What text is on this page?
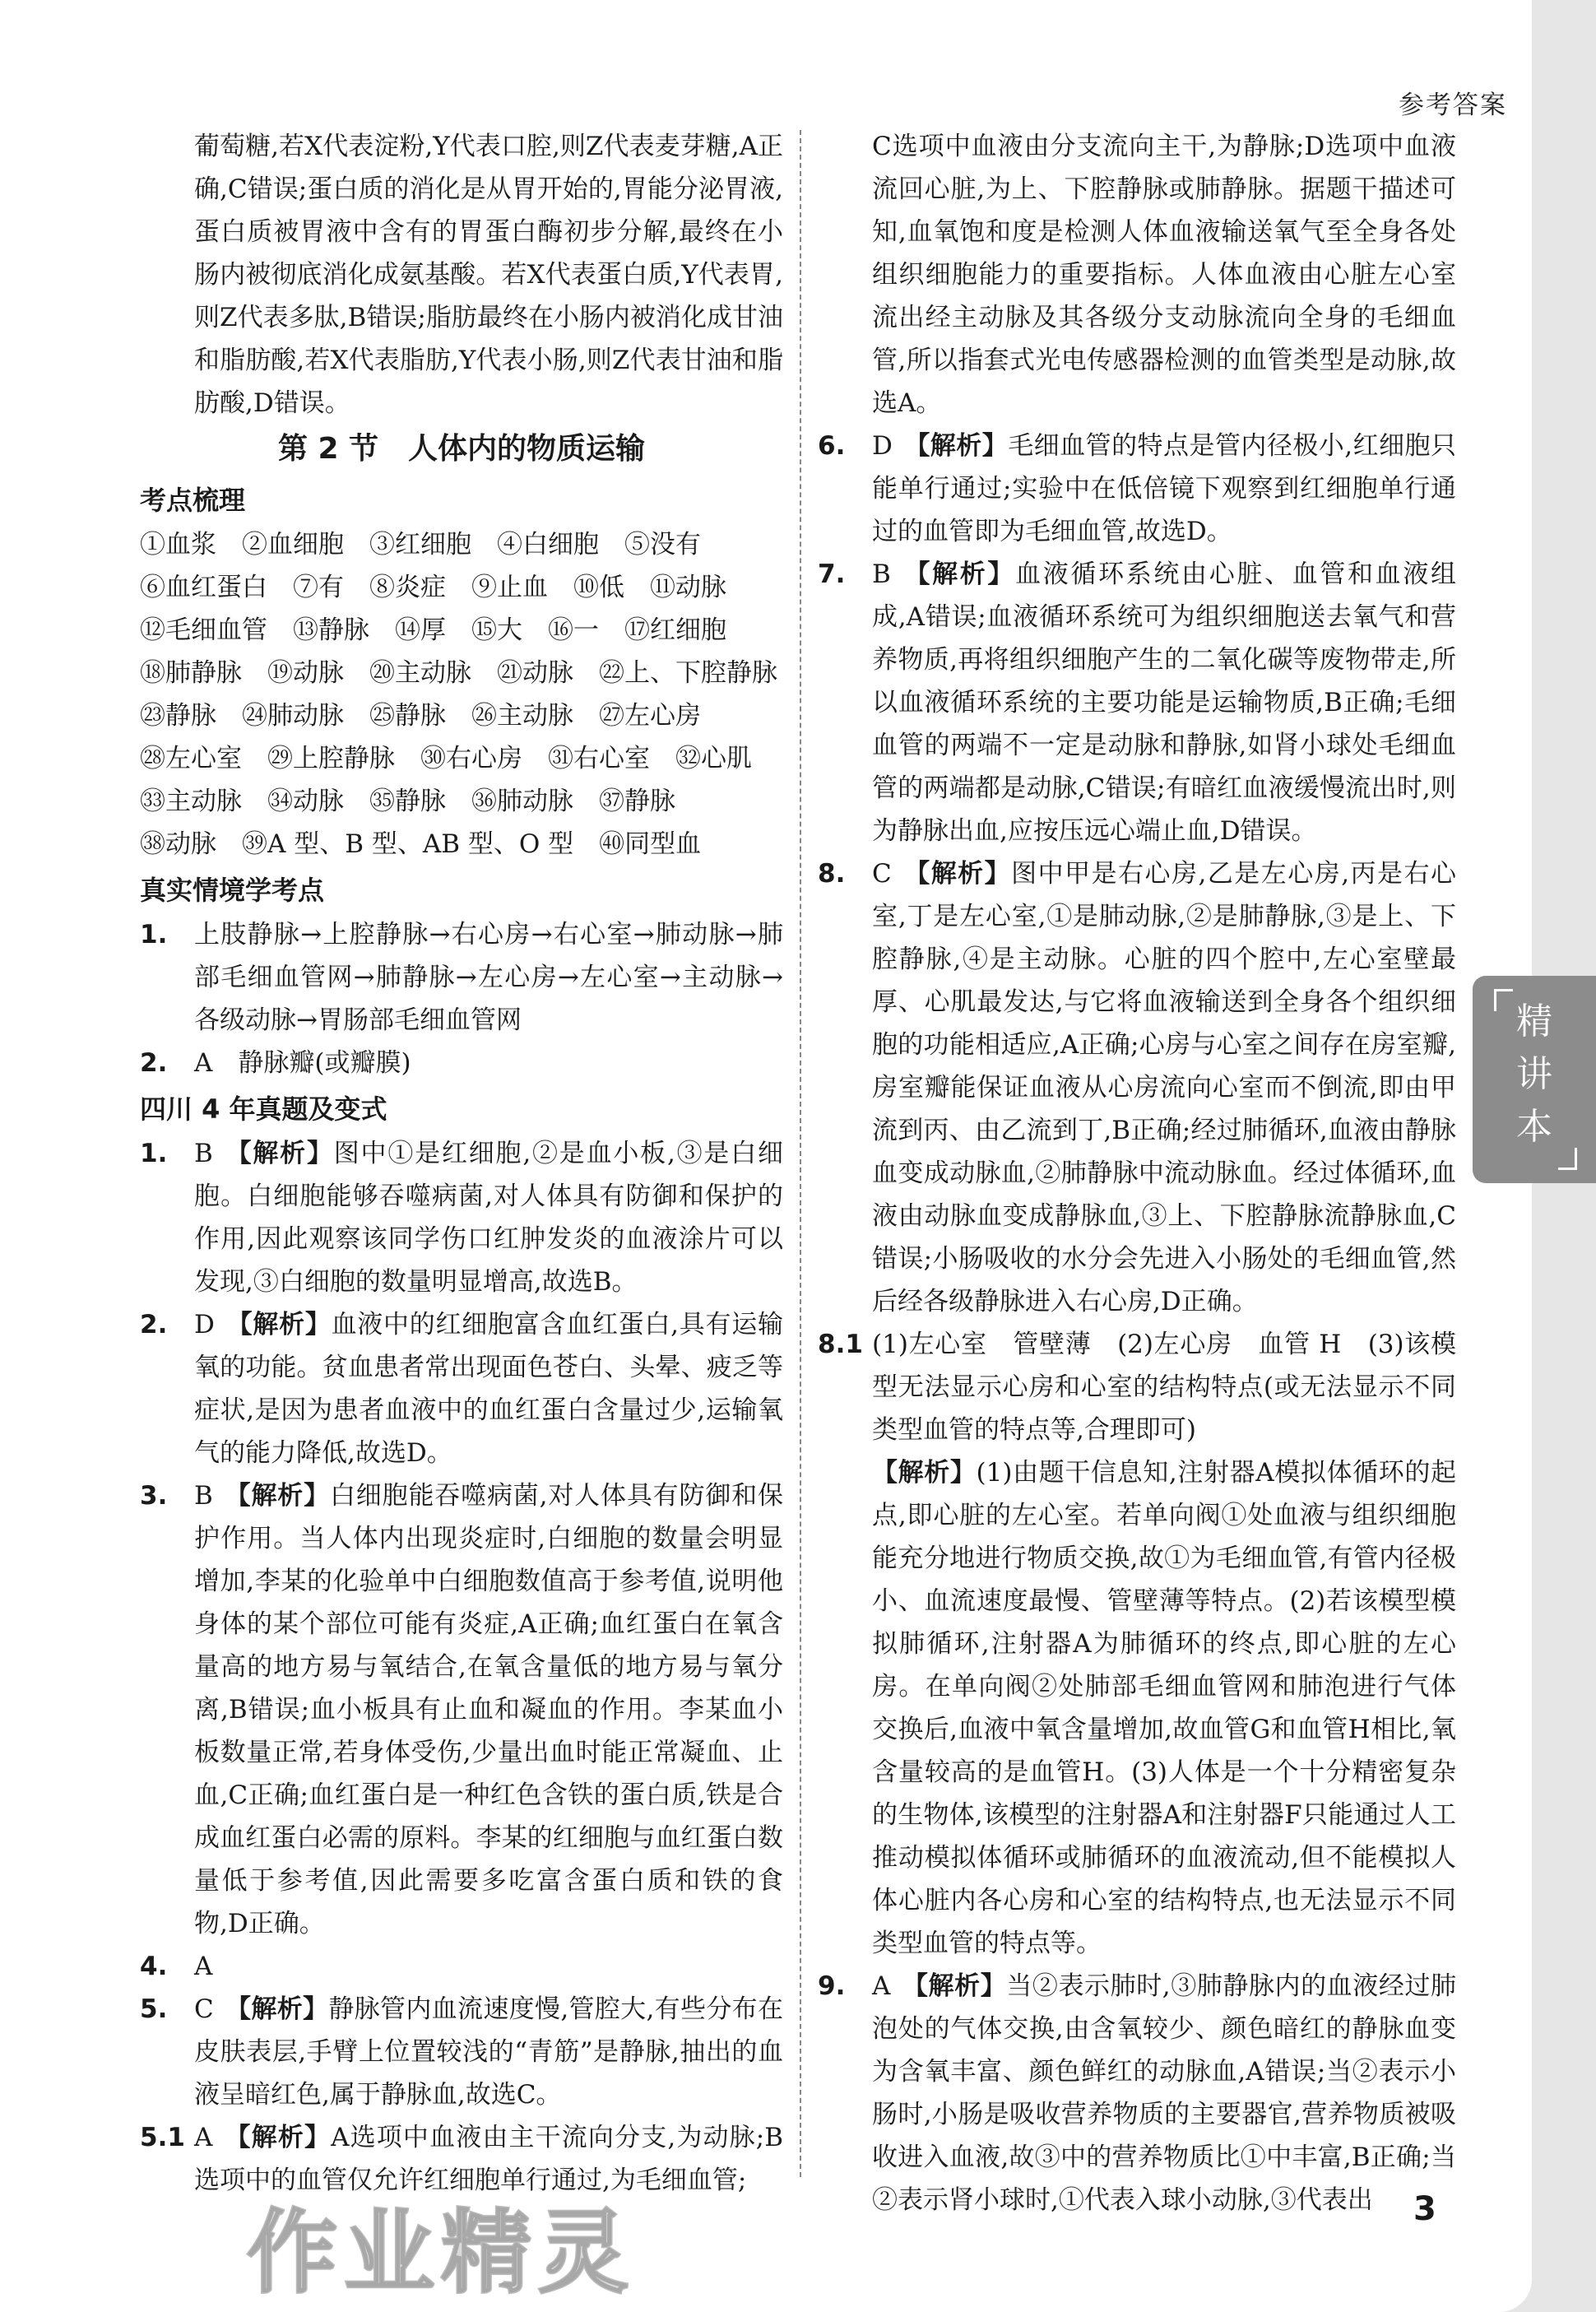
参考答案

葡萄糖,若X代表淀粉,Y代表口腔,则Z代表麦芽糖,A正确,C错误;蛋白质的消化是从胃开始的,胃能分泌胃液,蛋白质被胃液中含有的胃蛋白酶初步分解,最终在小肠内被彻底消化成氨基酸。若X代表蛋白质,Y代表胃,则Z代表多肽,B错误;脂肪最终在小肠内被消化成甘油和脂肪酸,若X代表脂肪,Y代表小肠,则Z代表甘油和脂肪酸,D错误。

第 2 节　人体内的物质运输
考点梳理
①血浆　②血细胞　③红细胞　④白细胞　⑤没有
⑥血红蛋白　⑦有　⑧炎症　⑨止血　⑩低　⑪动脉
⑫毛细血管　⑬静脉　⑭厚　⑮大　⑯一　⑰红细胞
⑱肺静脉　⑲动脉　⑳主动脉　㉑动脉　㉒上、下腔静脉
㉓静脉　㉔肺动脉　㉕静脉　㉖主动脉　㉗左心房
㉘左心室　㉙上腔静脉　㉚右心房　㉛右心室　㉜心肌
㉝主动脉　㉞动脉　㉟静脉　㊱肺动脉　㊲静脉
㊳动脉　㊴A 型、B 型、AB 型、O 型　㊵同型血
真实情境学考点
1. 上肢静脉→上腔静脉→右心房→右心室→肺动脉→肺部毛细血管网→肺静脉→左心房→左心室→主动脉→各级动脉→胃肠部毛细血管网
2. A　静脉瓣(或瓣膜)
四川 4 年真题及变式
1. B 【解析】图中①是红细胞,②是血小板,③是白细胞。白细胞能够吞噬病菌,对人体具有防御和保护的作用,因此观察该同学伤口红肿发炎的血液涂片可以发现,③白细胞的数量明显增高,故选B。
2. D 【解析】血液中的红细胞富含血红蛋白,具有运输氧的功能。贫血患者常出现面色苍白、头晕、疲乏等症状,是因为患者血液中的血红蛋白含量过少,运输氧气的能力降低,故选D。
3. B 【解析】白细胞能吞噬病菌,对人体具有防御和保护作用。当人体内出现炎症时,白细胞的数量会明显增加,李某的化验单中白细胞数值高于参考值,说明他身体的某个部位可能有炎症,A正确;血红蛋白在氧含量高的地方易与氧结合,在氧含量低的地方易与氧分离,B错误;血小板具有止血和凝血的作用。李某血小板数量正常,若身体受伤,少量出血时能正常凝血、止血,C正确;血红蛋白是一种红色含铁的蛋白质,铁是合成血红蛋白必需的原料。李某的红细胞与血红蛋白数量低于参考值,因此需要多吃富含蛋白质和铁的食物,D正确。
4. A
5. C 【解析】静脉管内血流速度慢,管腔大,有些分布在皮肤表层,手臂上位置较浅的“青筋”是静脉,抽出的血液呈暗红色,属于静脉血,故选C。
5.1 A 【解析】A选项中血液由主干流向分支,为动脉;B选项中的血管仅允许红细胞单行通过,为毛细血管;

C选项中血液由分支流向主干,为静脉;D选项中血液流回心脏,为上、下腔静脉或肺静脉。据题干描述可知,血氧饱和度是检测人体血液输送氧气至全身各处组织细胞能力的重要指标。人体血液由心脏左心室流出经主动脉及其各级分支动脉流向全身的毛细血管,所以指套式光电传感器检测的血管类型是动脉,故选A。

6. D 【解析】毛细血管的特点是管内径极小,红细胞只能单行通过;实验中在低倍镜下观察到红细胞单行通过的血管即为毛细血管,故选D。
7. B 【解析】血液循环系统由心脏、血管和血液组成,A错误;血液循环系统可为组织细胞送去氧气和营养物质,再将组织细胞产生的二氧化碳等废物带走,所以血液循环系统的主要功能是运输物质,B正确;毛细血管的两端不一定是动脉和静脉,如肾小球处毛细血管的两端都是动脉,C错误;有暗红血液缓慢流出时,则为静脉出血,应按压远心端止血,D错误。
8. C 【解析】图中甲是右心房,乙是左心房,丙是右心室,丁是左心室,①是肺动脉,②是肺静脉,③是上、下腔静脉,④是主动脉。心脏的四个腔中,左心室壁最厚、心肌最发达,与它将血液输送到全身各个组织细胞的功能相适应,A正确;心房与心室之间存在房室瓣,房室瓣能保证血液从心房流向心室而不倒流,即由甲流到丙、由乙流到丁,B正确;经过肺循环,血液由静脉血变成动脉血,②肺静脉中流动脉血。经过体循环,血液由动脉血变成静脉血,③上、下腔静脉流静脉血,C错误;小肠吸收的水分会先进入小肠处的毛细血管,然后经各级静脉进入右心房,D正确。
8.1 (1)左心室　管壁薄　(2)左心房　血管 H　(3)该模型无法显示心房和心室的结构特点(或无法显示不同类型血管的特点等,合理即可)
【解析】(1)由题干信息知,注射器A模拟体循环的起点,即心脏的左心室。若单向阀①处血液与组织细胞能充分地进行物质交换,故①为毛细血管,有管内径极小、血流速度最慢、管壁薄等特点。(2)若该模型模拟肺循环,注射器A为肺循环的终点,即心脏的左心房。在单向阀②处肺部毛细血管网和肺泡进行气体交换后,血液中氧含量增加,故血管G和血管H相比,氧含量较高的是血管H。(3)人体是一个十分精密复杂的生物体,该模型的注射器A和注射器F只能通过人工推动模拟体循环或肺循环的血液流动,但不能模拟人体心脏内各心房和心室的结构特点,也无法显示不同类型血管的特点等。
9. A 【解析】当②表示肺时,③肺静脉内的血液经过肺泡处的气体交换,由含氧较少、颜色暗红的静脉血变为含氧丰富、颜色鲜红的动脉血,A错误;当②表示小肠时,小肠是吸收营养物质的主要器官,营养物质被吸收进入血液,故③中的营养物质比①中丰富,B正确;当②表示肾小球时,①代表入球小动脉,③代表出
精讲本
作业精灵	3
